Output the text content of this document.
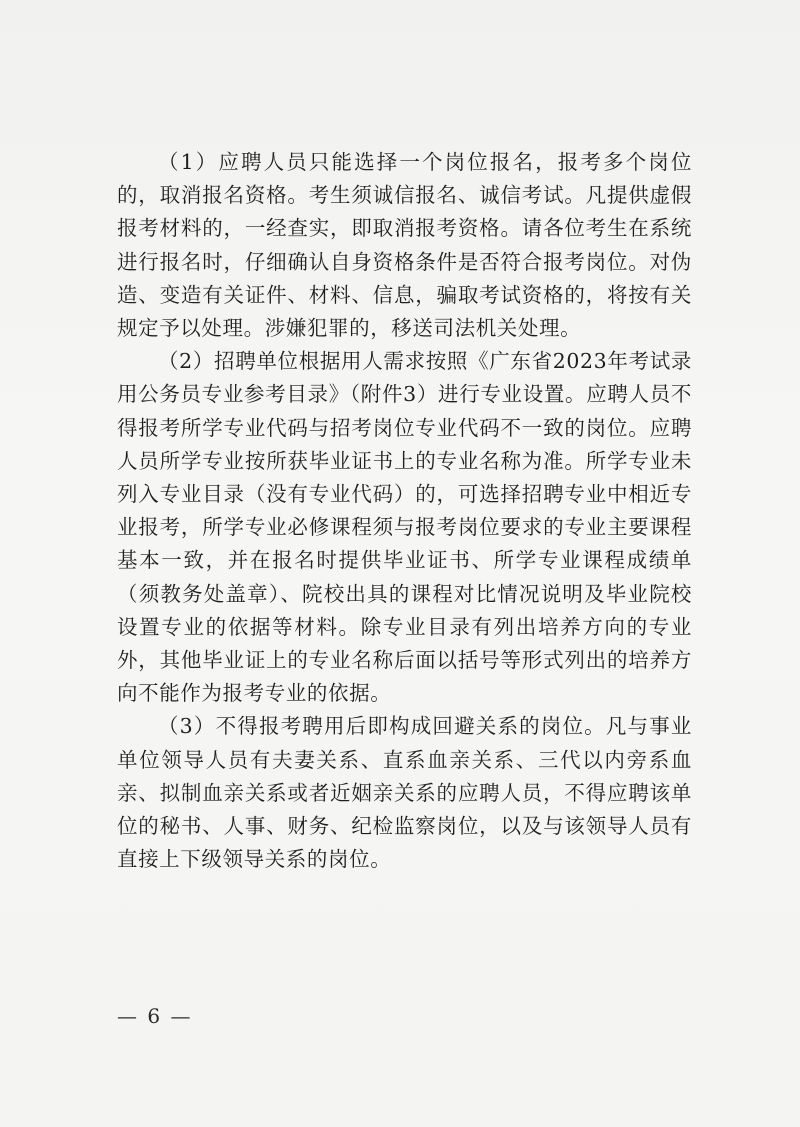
（1）应聘人员只能选择一个岗位报名，报考多个岗位的，取消报名资格。考生须诚信报名、诚信考试。凡提供虚假报考材料的，一经查实，即取消报考资格。请各位考生在系统进行报名时，仔细确认自身资格条件是否符合报考岗位。对伪造、变造有关证件、材料、信息，骗取考试资格的，将按有关规定予以处理。涉嫌犯罪的，移送司法机关处理。

（2）招聘单位根据用人需求按照《广东省2023年考试录用公务员专业参考目录》（附件3）进行专业设置。应聘人员不得报考所学专业代码与招考岗位专业代码不一致的岗位。应聘人员所学专业按所获毕业证书上的专业名称为准。所学专业未列入专业目录（没有专业代码）的，可选择招聘专业中相近专业报考，所学专业必修课程须与报考岗位要求的专业主要课程基本一致，并在报名时提供毕业证书、所学专业课程成绩单（须教务处盖章）、院校出具的课程对比情况说明及毕业院校设置专业的依据等材料。除专业目录有列出培养方向的专业外，其他毕业证上的专业名称后面以括号等形式列出的培养方向不能作为报考专业的依据。

（3）不得报考聘用后即构成回避关系的岗位。凡与事业单位领导人员有夫妻关系、直系血亲关系、三代以内旁系血亲、拟制血亲关系或者近姻亲关系的应聘人员，不得应聘该单位的秘书、人事、财务、纪检监察岗位，以及与该领导人员有直接上下级领导关系的岗位。

— 6 —
